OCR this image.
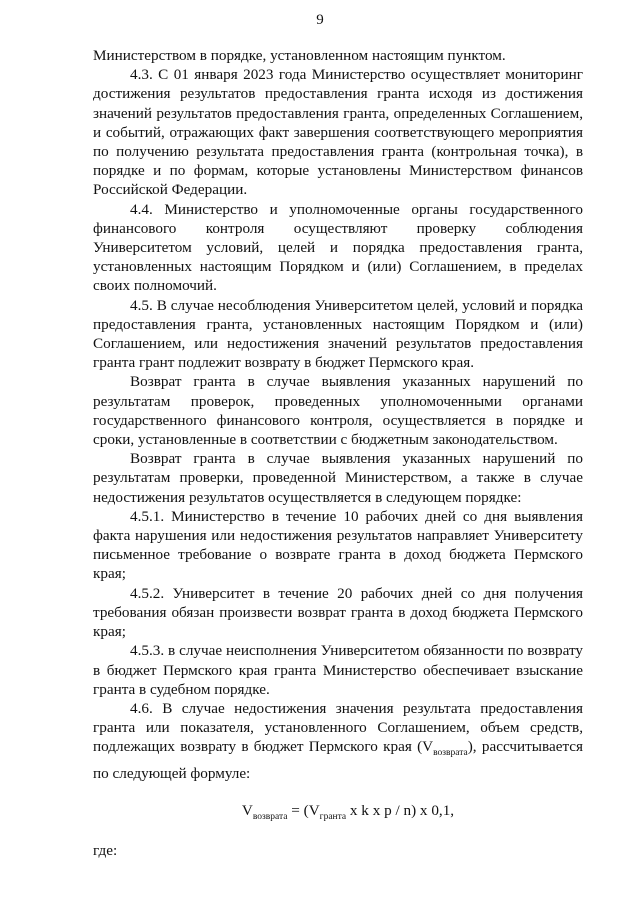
9

Министерством в порядке, установленном настоящим пунктом.

4.3. С 01 января 2023 года Министерство осуществляет мониторинг достижения результатов предоставления гранта исходя из достижения значений результатов предоставления гранта, определенных Соглашением, и событий, отражающих факт завершения соответствующего мероприятия по получению результата предоставления гранта (контрольная точка), в порядке и по формам, которые установлены Министерством финансов Российской Федерации.

4.4. Министерство и уполномоченные органы государственного финансового контроля осуществляют проверку соблюдения Университетом условий, целей и порядка предоставления гранта, установленных настоящим Порядком и (или) Соглашением, в пределах своих полномочий.

4.5. В случае несоблюдения Университетом целей, условий и порядка предоставления гранта, установленных настоящим Порядком и (или) Соглашением, или недостижения значений результатов предоставления гранта грант подлежит возврату в бюджет Пермского края.

Возврат гранта в случае выявления указанных нарушений по результатам проверок, проведенных уполномоченными органами государственного финансового контроля, осуществляется в порядке и сроки, установленные в соответствии с бюджетным законодательством.

Возврат гранта в случае выявления указанных нарушений по результатам проверки, проведенной Министерством, а также в случае недостижения результатов осуществляется в следующем порядке:

4.5.1. Министерство в течение 10 рабочих дней со дня выявления факта нарушения или недостижения результатов направляет Университету письменное требование о возврате гранта в доход бюджета Пермского края;

4.5.2. Университет в течение 20 рабочих дней со дня получения требования обязан произвести возврат гранта в доход бюджета Пермского края;

4.5.3. в случае неисполнения Университетом обязанности по возврату в бюджет Пермского края гранта Министерство обеспечивает взыскание гранта в судебном порядке.

4.6. В случае недостижения значения результата предоставления гранта или показателя, установленного Соглашением, объем средств, подлежащих возврату в бюджет Пермского края $(V_{возврата})$, рассчитывается по следующей формуле:

$V_{возврата} = (V_{гранта}$ x k x p / n) x 0,1,

где:
